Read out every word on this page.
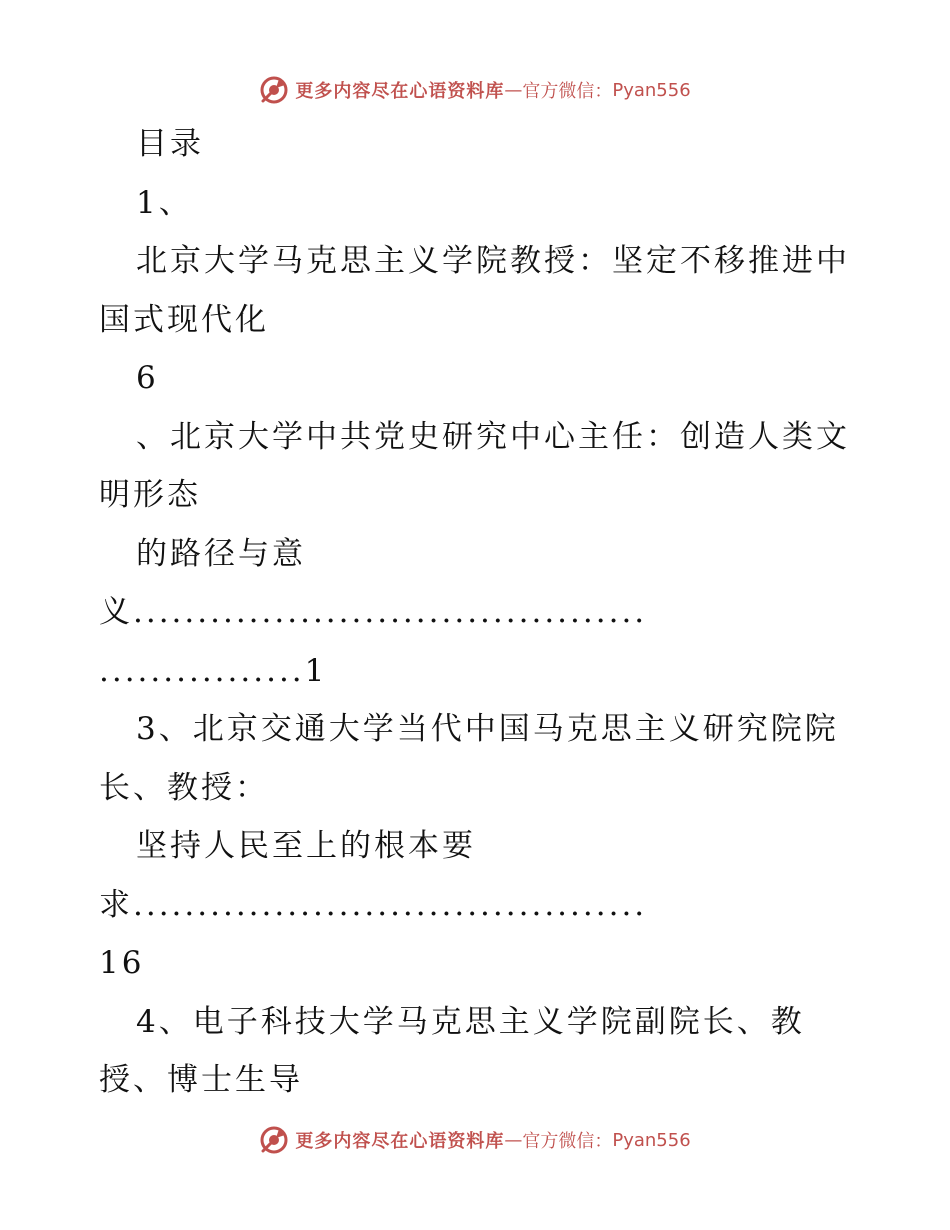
更多内容尽在心语资料库 — 官方微信： Pyan556
目录
1、
北京大学马克思主义学院教授：坚定不移推进中
国式现代化
6
、北京大学中共党史研究中心主任：创造人类文
明形态
的路径与意
义........................................
................1
3、北京交通大学当代中国马克思主义研究院院
长、教授：
坚持人民至上的根本要
求........................................
16
4、电子科技大学马克思主义学院副院长、教
授、博士生导
更多内容尽在心语资料库 — 官方微信： Pyan556
